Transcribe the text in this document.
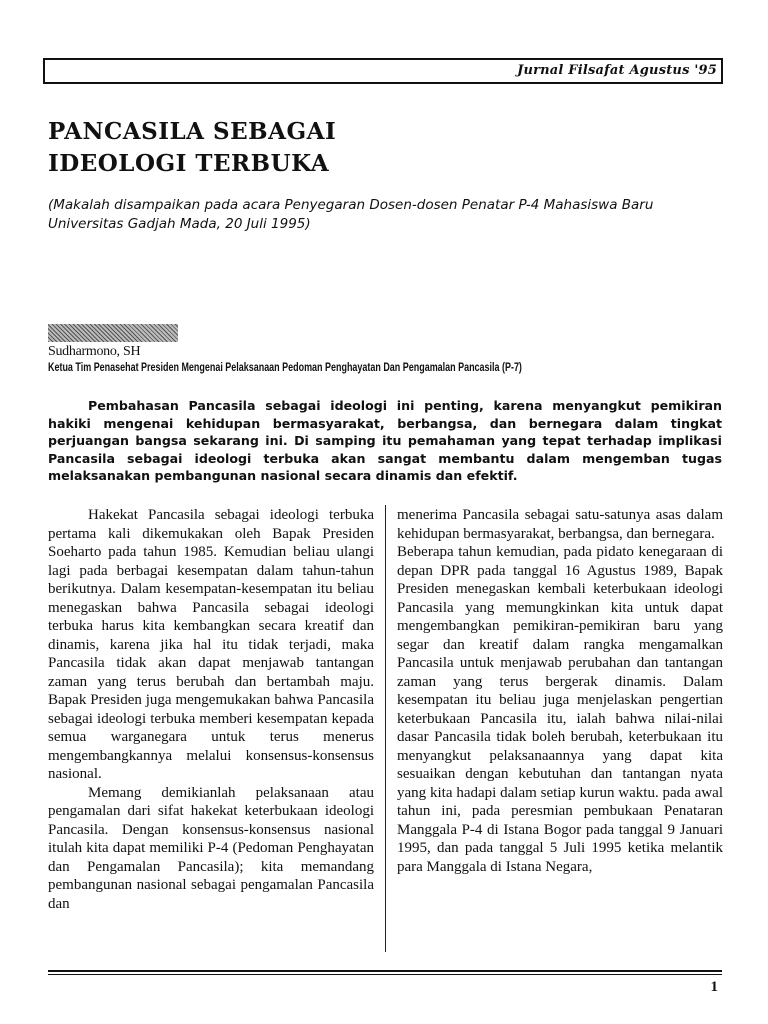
Jurnal Filsafat Agustus '95
PANCASILA SEBAGAI
IDEOLOGI TERBUKA

(Makalah disampaikan pada acara Penyegaran Dosen-dosen Penatar P-4 Mahasiswa Baru Universitas Gadjah Mada, 20 Juli 1995)

Sudharmono, SH

Ketua Tim Penasehat Presiden Mengenai Pelaksanaan Pedoman Penghayatan Dan Pengamalan Pancasila (P-7)

Pembahasan Pancasila sebagai ideologi ini penting, karena menyangkut pemikiran hakiki mengenai kehidupan bermasyarakat, berbangsa, dan bernegara dalam tingkat perjuangan bangsa sekarang ini. Di samping itu pemahaman yang tepat terhadap implikasi Pancasila sebagai ideologi terbuka akan sangat membantu dalam mengemban tugas melaksanakan pembangunan nasional secara dinamis dan efektif.

Hakekat Pancasila sebagai ideologi terbuka pertama kali dikemukakan oleh Bapak Presiden Soeharto pada tahun 1985. Kemudian beliau ulangi lagi pada berbagai kesempatan dalam tahun-tahun berikutnya. Dalam kesempatan-kesempatan itu beliau menegaskan bahwa Pancasila sebagai ideologi terbuka harus kita kembangkan secara kreatif dan dinamis, karena jika hal itu tidak terjadi, maka Pancasila tidak akan dapat menjawab tantangan zaman yang terus berubah dan bertambah maju. Bapak Presiden juga mengemukakan bahwa Pancasila sebagai ideologi terbuka memberi kesempatan kepada semua warganegara untuk terus menerus mengembangkannya melalui konsensus-konsensus nasional.

Memang demikianlah pelaksanaan atau pengamalan dari sifat hakekat keterbukaan ideologi Pancasila. Dengan konsensus-konsensus nasional itulah kita dapat memiliki P-4 (Pedoman Penghayatan dan Pengamalan Pancasila); kita memandang pembangunan nasional sebagai pengamalan Pancasila dan

menerima Pancasila sebagai satu-satunya asas dalam kehidupan bermasyarakat, berbangsa, dan bernegara.

Beberapa tahun kemudian, pada pidato kenegaraan di depan DPR pada tanggal 16 Agustus 1989, Bapak Presiden menegaskan kembali keterbukaan ideologi Pancasila yang memungkinkan kita untuk dapat mengembangkan pemikiran-pemikiran baru yang segar dan kreatif dalam rangka mengamalkan Pancasila untuk menjawab perubahan dan tantangan zaman yang terus bergerak dinamis. Dalam kesempatan itu beliau juga menjelaskan pengertian keterbukaan Pancasila itu, ialah bahwa nilai-nilai dasar Pancasila tidak boleh berubah, keterbukaan itu menyangkut pelaksanaannya yang dapat kita sesuaikan dengan kebutuhan dan tantangan nyata yang kita hadapi dalam setiap kurun waktu. pada awal tahun ini, pada peresmian pembukaan Penataran Manggala P-4 di Istana Bogor pada tanggal 9 Januari 1995, dan pada tanggal 5 Juli 1995 ketika melantik para Manggala di Istana Negara,

1
